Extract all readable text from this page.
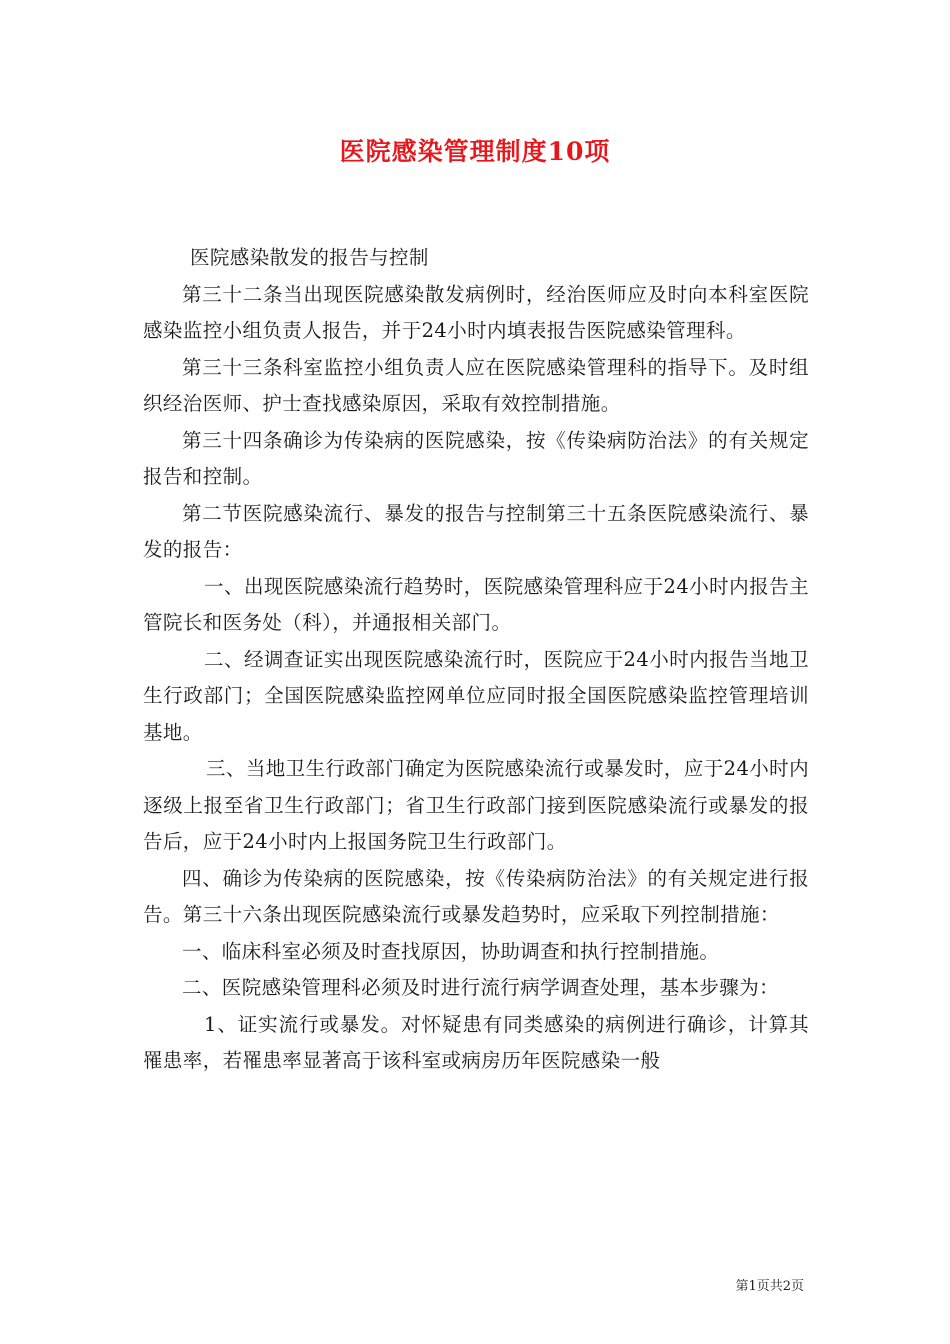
医院感染管理制度10项

医院感染散发的报告与控制

第三十二条当出现医院感染散发病例时，经治医师应及时向本科室医院感染监控小组负责人报告，并于24小时内填表报告医院感染管理科。

第三十三条科室监控小组负责人应在医院感染管理科的指导下。及时组织经治医师、护士查找感染原因，采取有效控制措施。

第三十四条确诊为传染病的医院感染，按《传染病防治法》的有关规定报告和控制。

第二节医院感染流行、暴发的报告与控制第三十五条医院感染流行、暴发的报告：

一、出现医院感染流行趋势时，医院感染管理科应于24小时内报告主管院长和医务处（科），并通报相关部门。

二、经调查证实出现医院感染流行时，医院应于24小时内报告当地卫生行政部门；全国医院感染监控网单位应同时报全国医院感染监控管理培训基地。

三、当地卫生行政部门确定为医院感染流行或暴发时，应于24小时内逐级上报至省卫生行政部门；省卫生行政部门接到医院感染流行或暴发的报告后，应于24小时内上报国务院卫生行政部门。

四、确诊为传染病的医院感染，按《传染病防治法》的有关规定进行报告。第三十六条出现医院感染流行或暴发趋势时，应采取下列控制措施：

一、临床科室必须及时查找原因，协助调查和执行控制措施。

二、医院感染管理科必须及时进行流行病学调查处理，基本步骤为：

1、证实流行或暴发。对怀疑患有同类感染的病例进行确诊，计算其罹患率，若罹患率显著高于该科室或病房历年医院感染一般

第1页共2页
